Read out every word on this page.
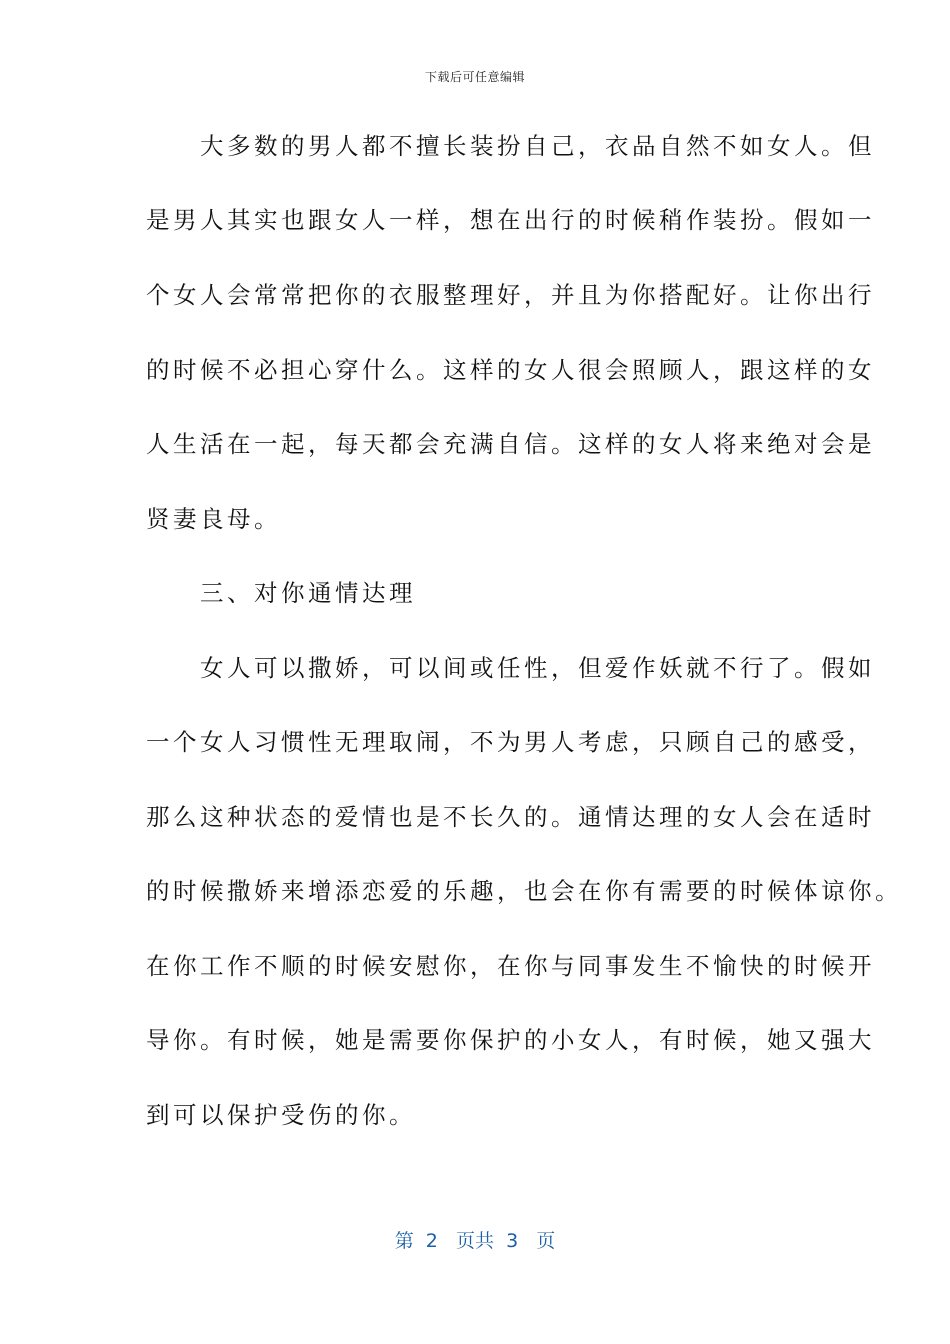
下载后可任意编辑
　　大多数的男人都不擅长装扮自己，衣品自然不如女人。但
是男人其实也跟女人一样，想在出行的时候稍作装扮。假如一
个女人会常常把你的衣服整理好，并且为你搭配好。让你出行
的时候不必担心穿什么。这样的女人很会照顾人，跟这样的女
人生活在一起，每天都会充满自信。这样的女人将来绝对会是
贤妻良母。
　　三、对你通情达理
　　女人可以撒娇，可以间或任性，但爱作妖就不行了。假如
一个女人习惯性无理取闹，不为男人考虑，只顾自己的感受，
那么这种状态的爱情也是不长久的。通情达理的女人会在适时
的时候撒娇来增添恋爱的乐趣，也会在你有需要的时候体谅你。
在你工作不顺的时候安慰你，在你与同事发生不愉快的时候开
导你。有时候，她是需要你保护的小女人，有时候，她又强大
到可以保护受伤的你。
第  2   页共  3   页
